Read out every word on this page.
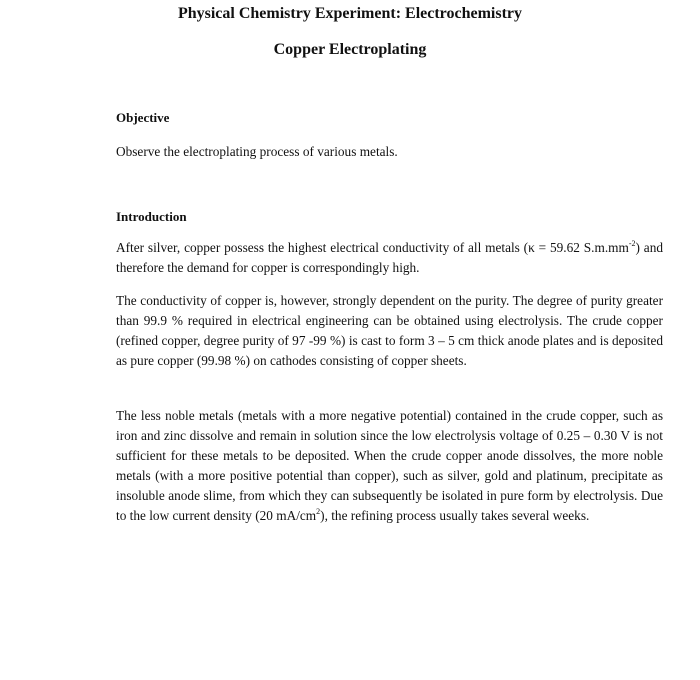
Physical Chemistry Experiment: Electrochemistry
Copper Electroplating
Objective

Observe the electroplating process of various metals.

Introduction

After silver, copper possess the highest electrical conductivity of all metals (κ = 59.62 $S.m.mm^{-2}$) and therefore the demand for copper is correspondingly high.

The conductivity of copper is, however, strongly dependent on the purity. The degree of purity greater than 99.9 % required in electrical engineering can be obtained using electrolysis. The crude copper (refined copper, degree purity of 97 -99 %) is cast to form 3 – 5 cm thick anode plates and is deposited as pure copper (99.98 %) on cathodes consisting of copper sheets.

The less noble metals (metals with a more negative potential) contained in the crude copper, such as iron and zinc dissolve and remain in solution since the low electrolysis voltage of 0.25 – 0.30 V is not sufficient for these metals to be deposited. When the crude copper anode dissolves, the more noble metals (with a more positive potential than copper), such as silver, gold and platinum, precipitate as insoluble anode slime, from which they can subsequently be isolated in pure form by electrolysis. Due to the low current density (20 $mA/cm^2$), the refining process usually takes several weeks.
